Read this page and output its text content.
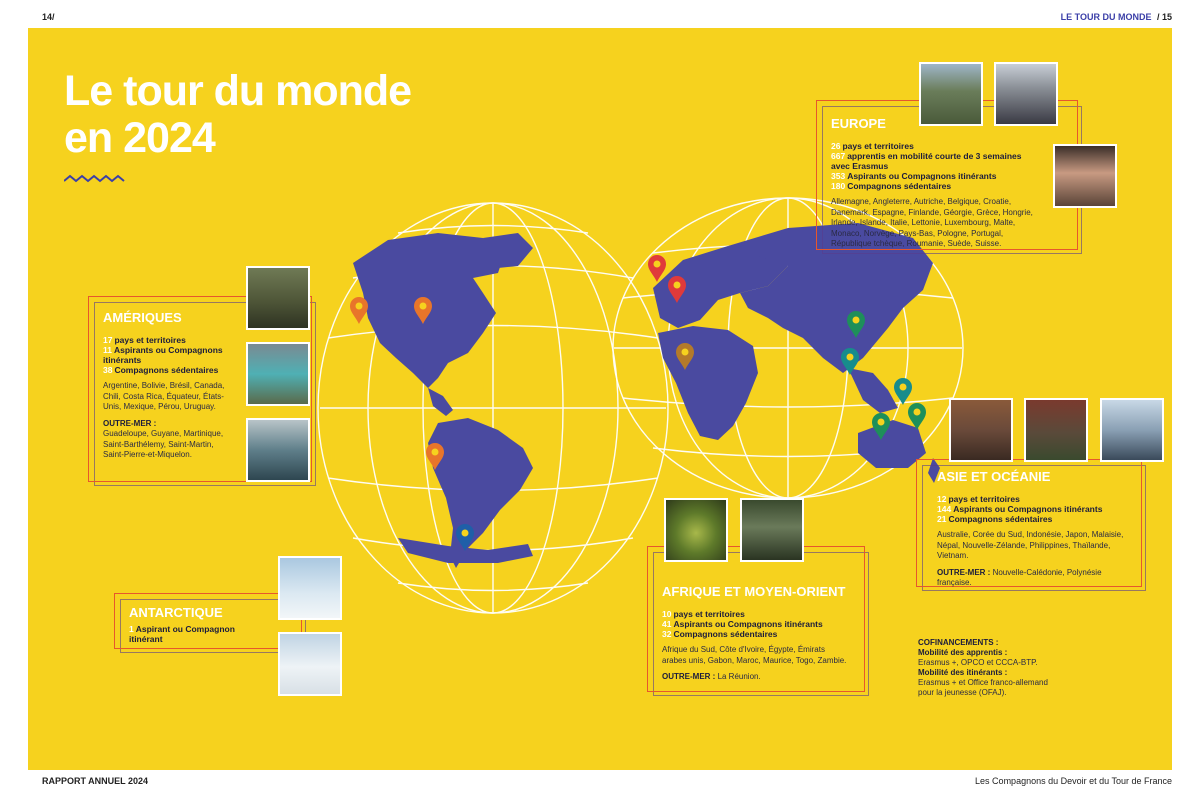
14/	LE TOUR DU MONDE / 15
Le tour du monde
en 2024	EUROPE
26 pays et territoires
667 apprentis en mobilité courte de 3 semaines avec Erasmus
353 Aspirants ou Compagnons itinérants
180 Compagnons sédentaires
Allemagne, Angleterre, Autriche, Belgique, Croatie, Danemark, Espagne, Finlande, Géorgie, Grèce, Hongrie, Irlande, Islande, Italie, Lettonie, Luxembourg, Malte, Monaco, Norvège, Pays-Bas, Pologne, Portugal, République tchèque, Roumanie, Suède, Suisse.
AMÉRIQUES
17 pays et territoires
11 Aspirants ou Compagnons itinérants
38 Compagnons sédentaires
Argentine, Bolivie, Brésil, Canada, Chili, Costa Rica, Équateur, États-Unis, Mexique, Pérou, Uruguay.
OUTRE-MER :
Guadeloupe, Guyane, Martinique, Saint-Barthélemy, Saint-Martin, Saint-Pierre-et-Miquelon.
ANTARCTIQUE
1 Aspirant ou Compagnon itinérant
AFRIQUE ET MOYEN-ORIENT
10 pays et territoires
41 Aspirants ou Compagnons itinérants
32 Compagnons sédentaires
Afrique du Sud, Côte d'Ivoire, Égypte, Émirats arabes unis, Gabon, Maroc, Maurice, Togo, Zambie.
OUTRE-MER : La Réunion.
ASIE ET OCÉANIE
12 pays et territoires
144 Aspirants ou Compagnons itinérants
21 Compagnons sédentaires
Australie, Corée du Sud, Indonésie, Japon, Malaisie, Népal, Nouvelle-Zélande, Philippines, Thaïlande, Vietnam.
OUTRE-MER : Nouvelle-Calédonie, Polynésie française.
COFINANCEMENTS :
Mobilité des apprentis :
Erasmus +, OPCO et CCCA-BTP.
Mobilité des itinérants :
Erasmus + et Office franco-allemand pour la jeunesse (OFAJ).
RAPPORT ANNUEL 2024	Les Compagnons du Devoir et du Tour de France
